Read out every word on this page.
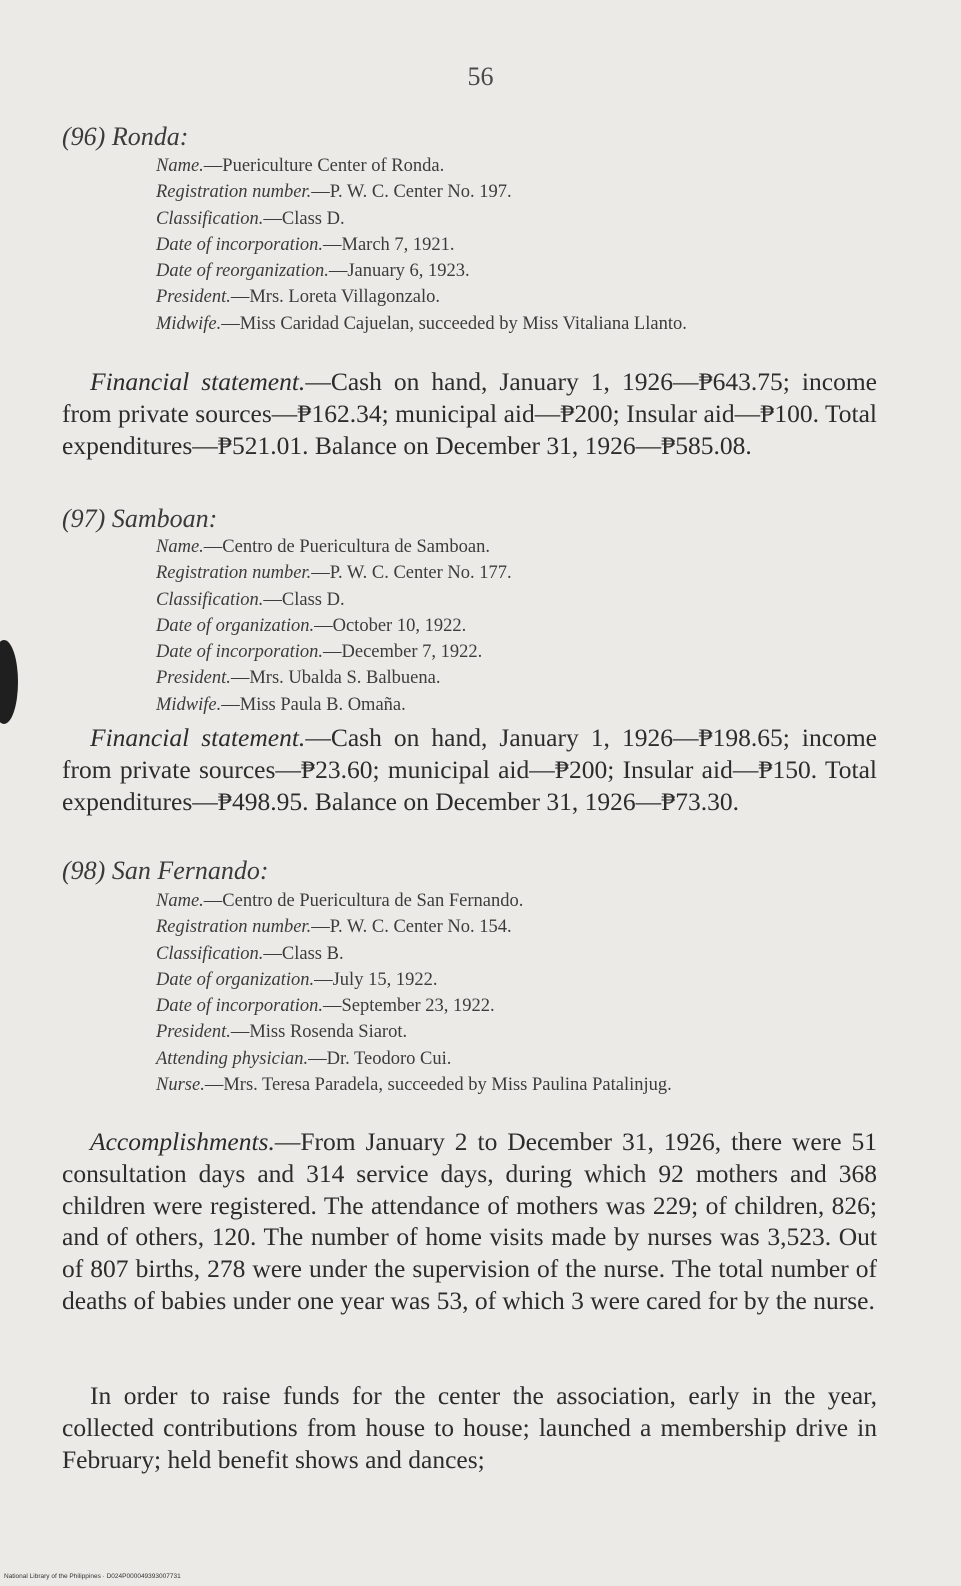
56
(96) Ronda:
Name.—Puericulture Center of Ronda.
Registration number.—P. W. C. Center No. 197.
Classification.—Class D.
Date of incorporation.—March 7, 1921.
Date of reorganization.—January 6, 1923.
President.—Mrs. Loreta Villagonzalo.
Midwife.—Miss Caridad Cajuelan, succeeded by Miss Vitaliana Llanto.
Financial statement.—Cash on hand, January 1, 1926—₱643.75; income from private sources—₱162.34; municipal aid—₱200; Insular aid—₱100. Total expenditures—₱521.01. Balance on December 31, 1926—₱585.08.
(97) Samboan:
Name.—Centro de Puericultura de Samboan.
Registration number.—P. W. C. Center No. 177.
Classification.—Class D.
Date of organization.—October 10, 1922.
Date of incorporation.—December 7, 1922.
President.—Mrs. Ubalda S. Balbuena.
Midwife.—Miss Paula B. Omaña.
Financial statement.—Cash on hand, January 1, 1926—₱198.65; income from private sources—₱23.60; municipal aid—₱200; Insular aid—₱150. Total expenditures—₱498.95. Balance on December 31, 1926—₱73.30.
(98) San Fernando:
Name.—Centro de Puericultura de San Fernando.
Registration number.—P. W. C. Center No. 154.
Classification.—Class B.
Date of organization.—July 15, 1922.
Date of incorporation.—September 23, 1922.
President.—Miss Rosenda Siarot.
Attending physician.—Dr. Teodoro Cui.
Nurse.—Mrs. Teresa Paradela, succeeded by Miss Paulina Patalinjug.
Accomplishments.—From January 2 to December 31, 1926, there were 51 consultation days and 314 service days, during which 92 mothers and 368 children were registered. The attendance of mothers was 229; of children, 826; and of others, 120. The number of home visits made by nurses was 3,523. Out of 807 births, 278 were under the supervision of the nurse. The total number of deaths of babies under one year was 53, of which 3 were cared for by the nurse.
In order to raise funds for the center the association, early in the year, collected contributions from house to house; launched a membership drive in February; held benefit shows and dances;
National Library of the Philippines · D024P000049393007731
